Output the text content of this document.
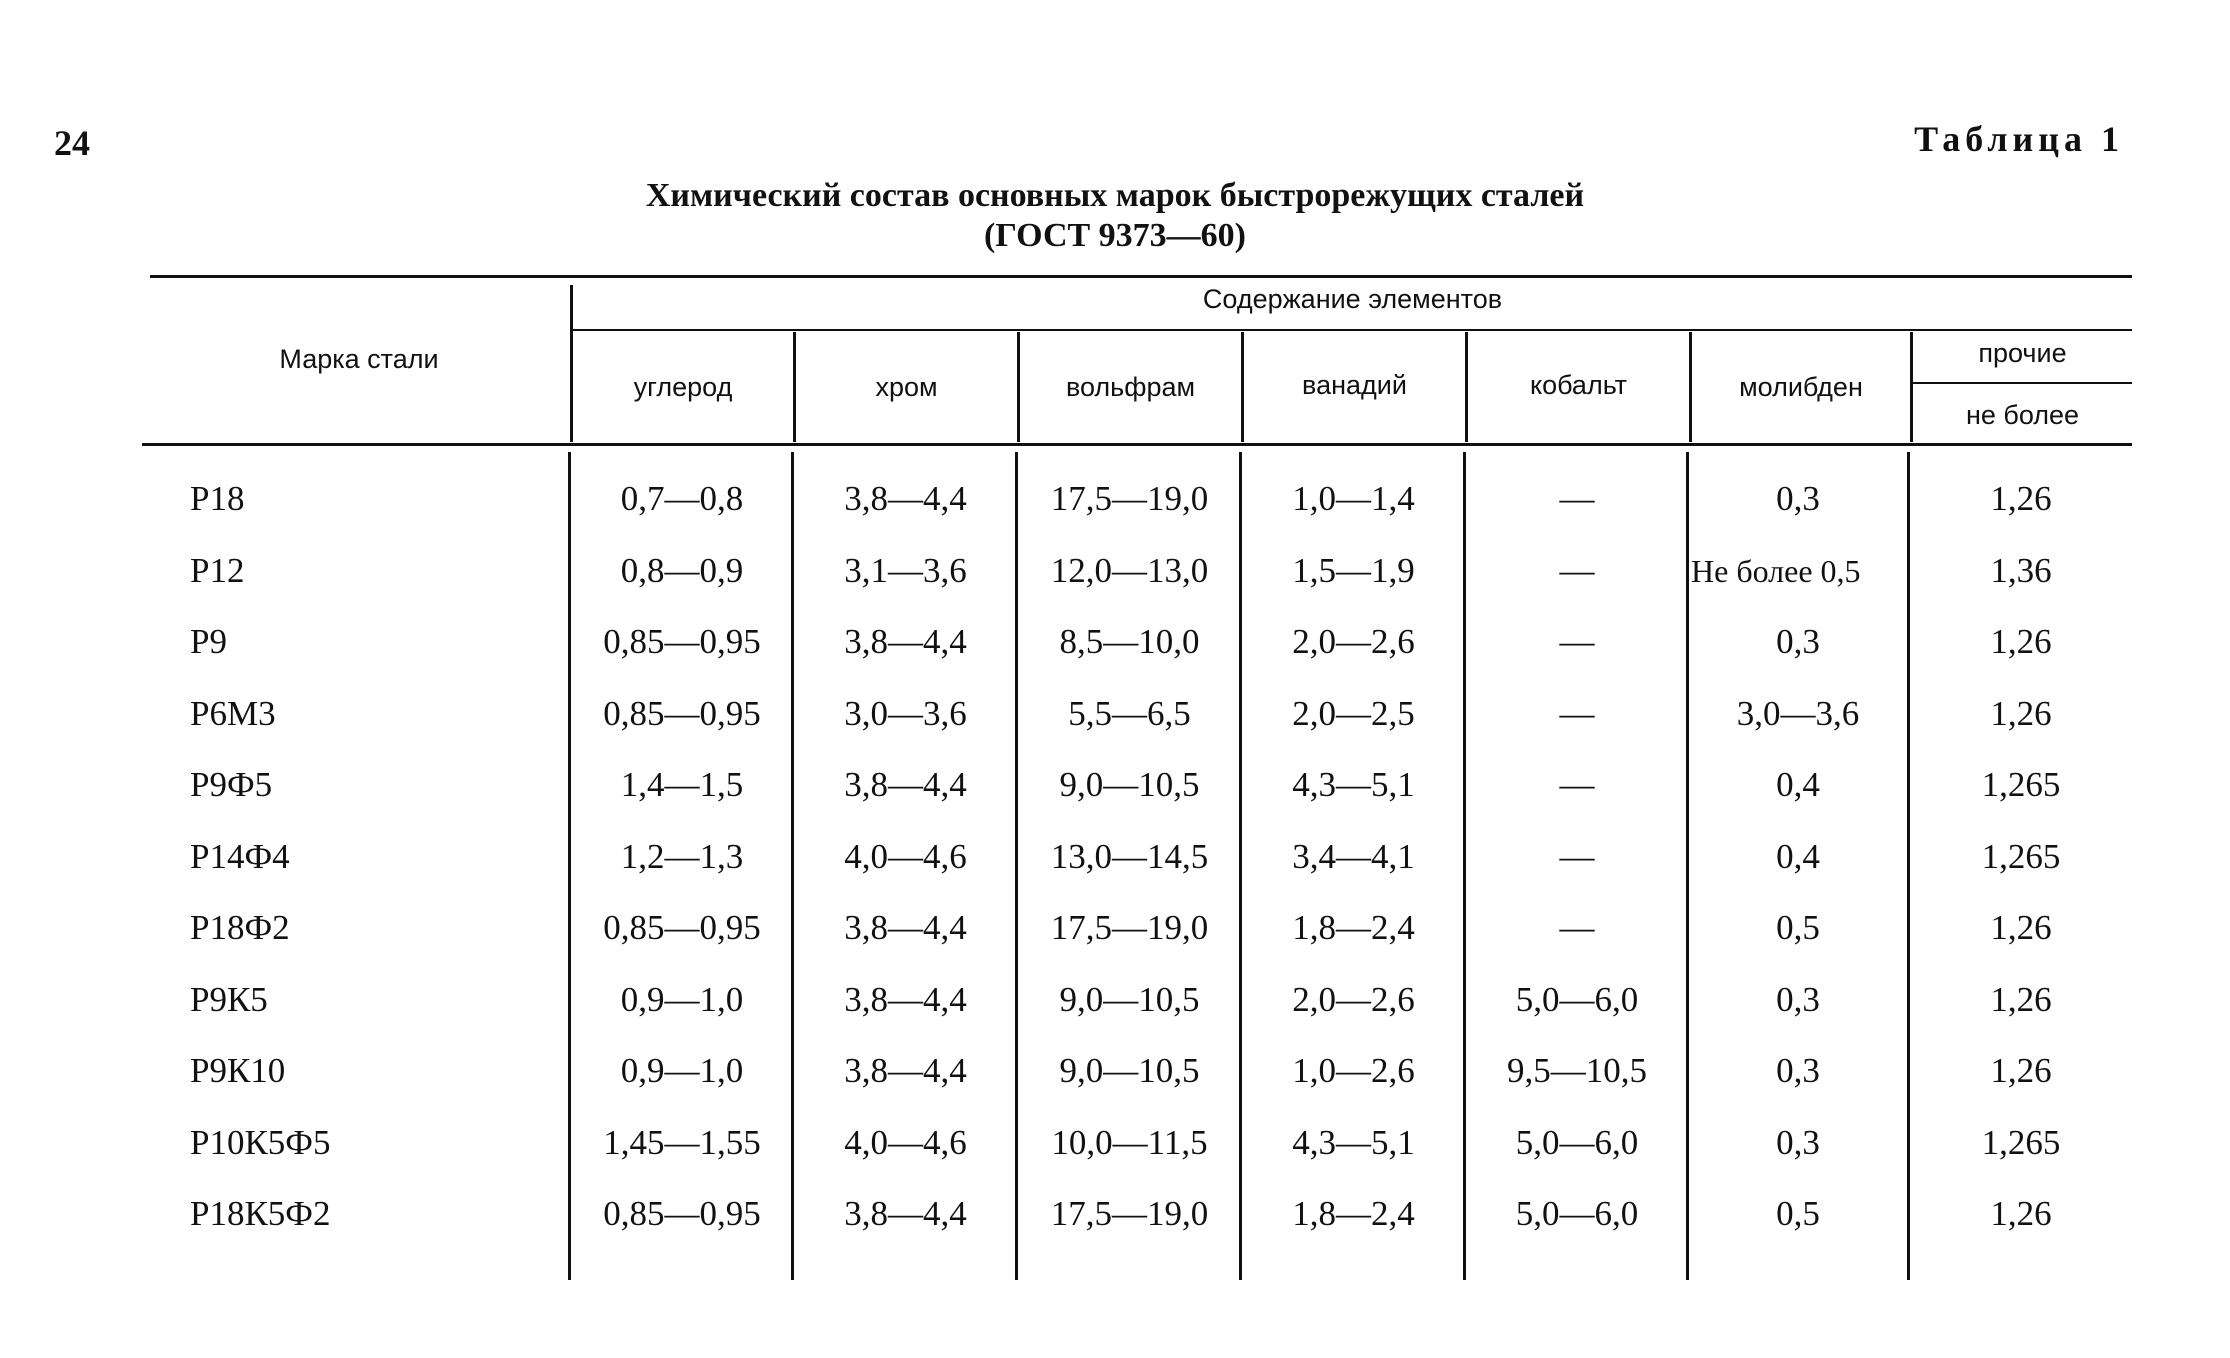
24	Таблица 1
Химический состав основных марок быстрорежущих сталей
(ГОСТ 9373—60)
Марка стали
Содержание элементов
углерод	хром	вольфрам	ванадий	кобальт	молибден
прочие
не более
Р18	0,7—0,8	3,8—4,4	17,5—19,0	1,0—1,4	—	0,3	1,26
Р12	0,8—0,9	3,1—3,6	12,0—13,0	1,5—1,9	—	Не более 0,5	1,36
Р9	0,85—0,95	3,8—4,4	8,5—10,0	2,0—2,6	—	0,3	1,26
Р6М3	0,85—0,95	3,0—3,6	5,5—6,5	2,0—2,5	—	3,0—3,6	1,26
Р9Ф5	1,4—1,5	3,8—4,4	9,0—10,5	4,3—5,1	—	0,4	1,265
Р14Ф4	1,2—1,3	4,0—4,6	13,0—14,5	3,4—4,1	—	0,4	1,265
Р18Ф2	0,85—0,95	3,8—4,4	17,5—19,0	1,8—2,4	—	0,5	1,26
Р9К5	0,9—1,0	3,8—4,4	9,0—10,5	2,0—2,6	5,0—6,0	0,3	1,26
Р9К10	0,9—1,0	3,8—4,4	9,0—10,5	1,0—2,6	9,5—10,5	0,3	1,26
Р10К5Ф5	1,45—1,55	4,0—4,6	10,0—11,5	4,3—5,1	5,0—6,0	0,3	1,265
Р18К5Ф2	0,85—0,95	3,8—4,4	17,5—19,0	1,8—2,4	5,0—6,0	0,5	1,26
